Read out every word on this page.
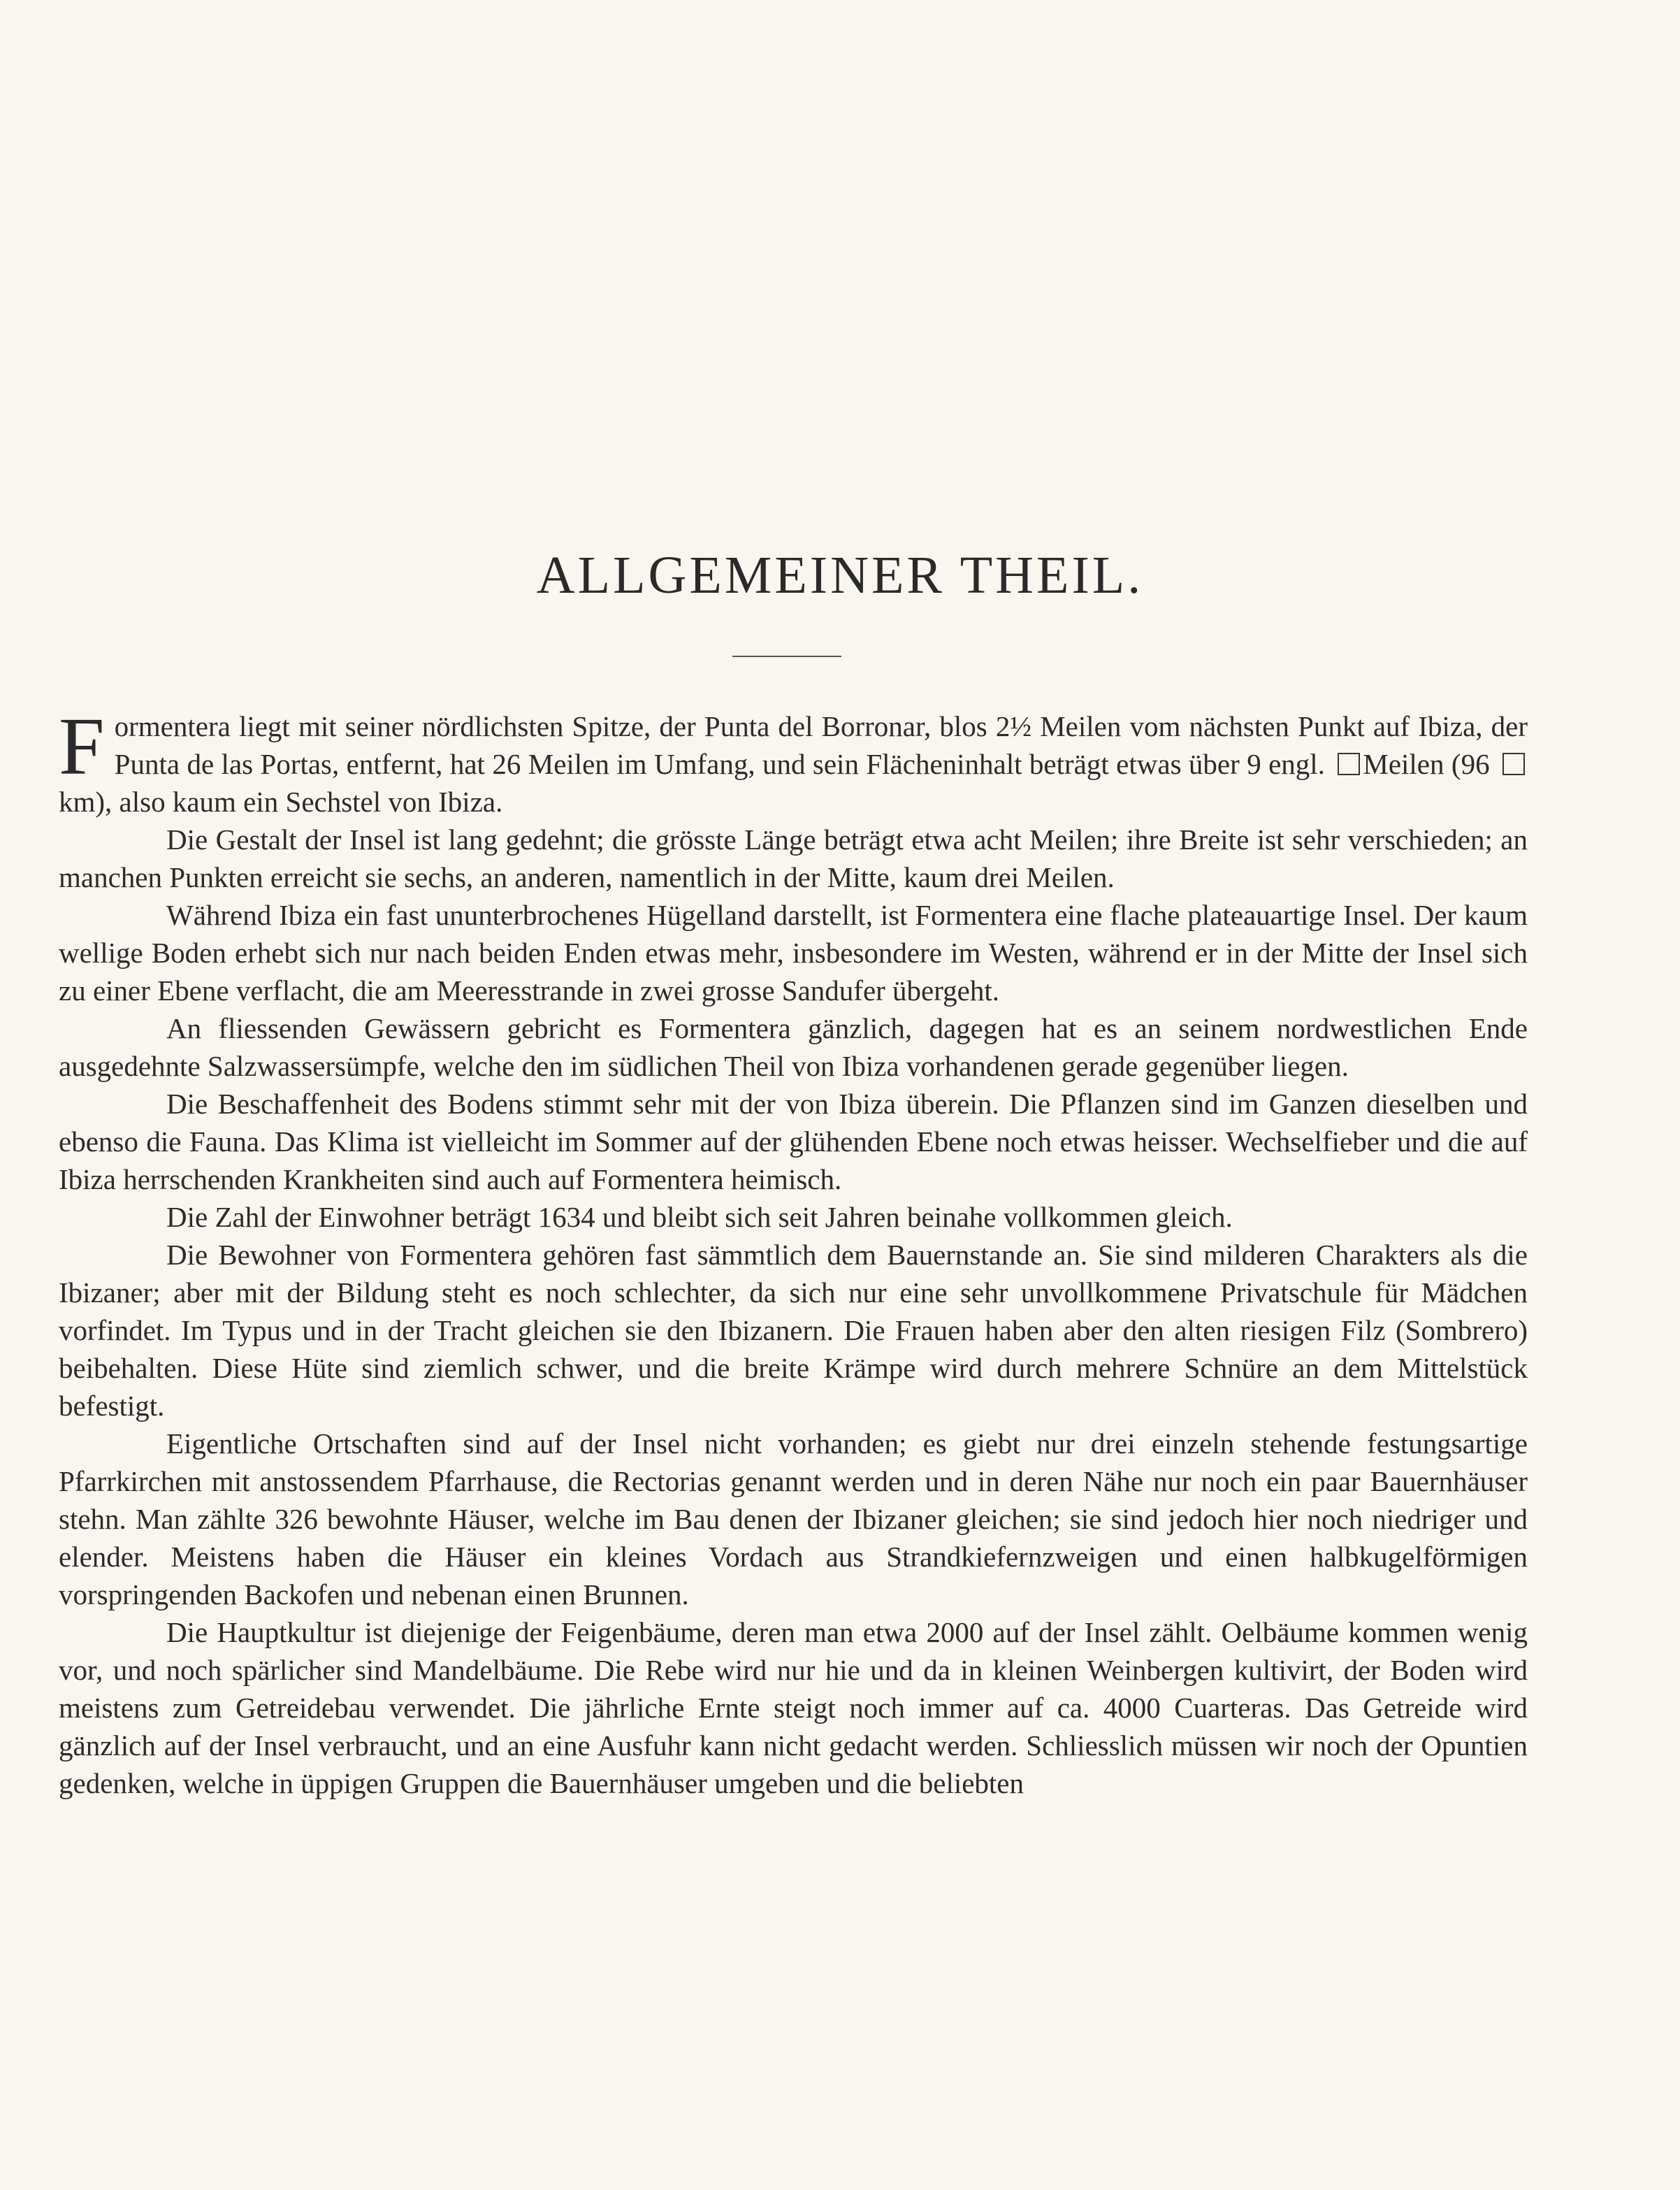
ALLGEMEINER THEIL.

Formentera liegt mit seiner nördlichsten Spitze, der Punta del Borronar, blos 2½ Meilen vom nächsten Punkt auf Ibiza, der Punta de las Portas, entfernt, hat 26 Meilen im Umfang, und sein Flächeninhalt beträgt etwas über 9 engl. Meilen (96 km), also kaum ein Sechstel von Ibiza.

Die Gestalt der Insel ist lang gedehnt; die grösste Länge beträgt etwa acht Meilen; ihre Breite ist sehr verschieden; an manchen Punkten erreicht sie sechs, an anderen, namentlich in der Mitte, kaum drei Meilen.

Während Ibiza ein fast ununterbrochenes Hügelland darstellt, ist Formentera eine flache plateauartige Insel. Der kaum wellige Boden erhebt sich nur nach beiden Enden etwas mehr, insbesondere im Westen, während er in der Mitte der Insel sich zu einer Ebene verflacht, die am Meeresstrande in zwei grosse Sandufer übergeht.

An fliessenden Gewässern gebricht es Formentera gänzlich, dagegen hat es an seinem nordwestlichen Ende ausgedehnte Salzwassersümpfe, welche den im südlichen Theil von Ibiza vorhandenen gerade gegenüber liegen.

Die Beschaffenheit des Bodens stimmt sehr mit der von Ibiza überein. Die Pflanzen sind im Ganzen dieselben und ebenso die Fauna. Das Klima ist vielleicht im Sommer auf der glühenden Ebene noch etwas heisser. Wechselfieber und die auf Ibiza herrschenden Krankheiten sind auch auf Formentera heimisch.

Die Zahl der Einwohner beträgt 1634 und bleibt sich seit Jahren beinahe vollkommen gleich.

Die Bewohner von Formentera gehören fast sämmtlich dem Bauernstande an. Sie sind milderen Charakters als die Ibizaner; aber mit der Bildung steht es noch schlechter, da sich nur eine sehr unvollkommene Privatschule für Mädchen vorfindet. Im Typus und in der Tracht gleichen sie den Ibizanern. Die Frauen haben aber den alten riesigen Filz (Sombrero) beibehalten. Diese Hüte sind ziemlich schwer, und die breite Krämpe wird durch mehrere Schnüre an dem Mittelstück befestigt.

Eigentliche Ortschaften sind auf der Insel nicht vorhanden; es giebt nur drei einzeln stehende festungsartige Pfarrkirchen mit anstossendem Pfarrhause, die Rectorias genannt werden und in deren Nähe nur noch ein paar Bauernhäuser stehn. Man zählte 326 bewohnte Häuser, welche im Bau denen der Ibizaner gleichen; sie sind jedoch hier noch niedriger und elender. Meistens haben die Häuser ein kleines Vordach aus Strandkiefernzweigen und einen halbkugelförmigen vorspringenden Backofen und nebenan einen Brunnen.

Die Hauptkultur ist diejenige der Feigenbäume, deren man etwa 2000 auf der Insel zählt. Oelbäume kommen wenig vor, und noch spärlicher sind Mandelbäume. Die Rebe wird nur hie und da in kleinen Weinbergen kultivirt, der Boden wird meistens zum Getreidebau verwendet. Die jährliche Ernte steigt noch immer auf ca. 4000 Cuarteras. Das Getreide wird gänzlich auf der Insel verbraucht, und an eine Ausfuhr kann nicht gedacht werden. Schliesslich müssen wir noch der Opuntien gedenken, welche in üppigen Gruppen die Bauernhäuser umgeben und die beliebten
